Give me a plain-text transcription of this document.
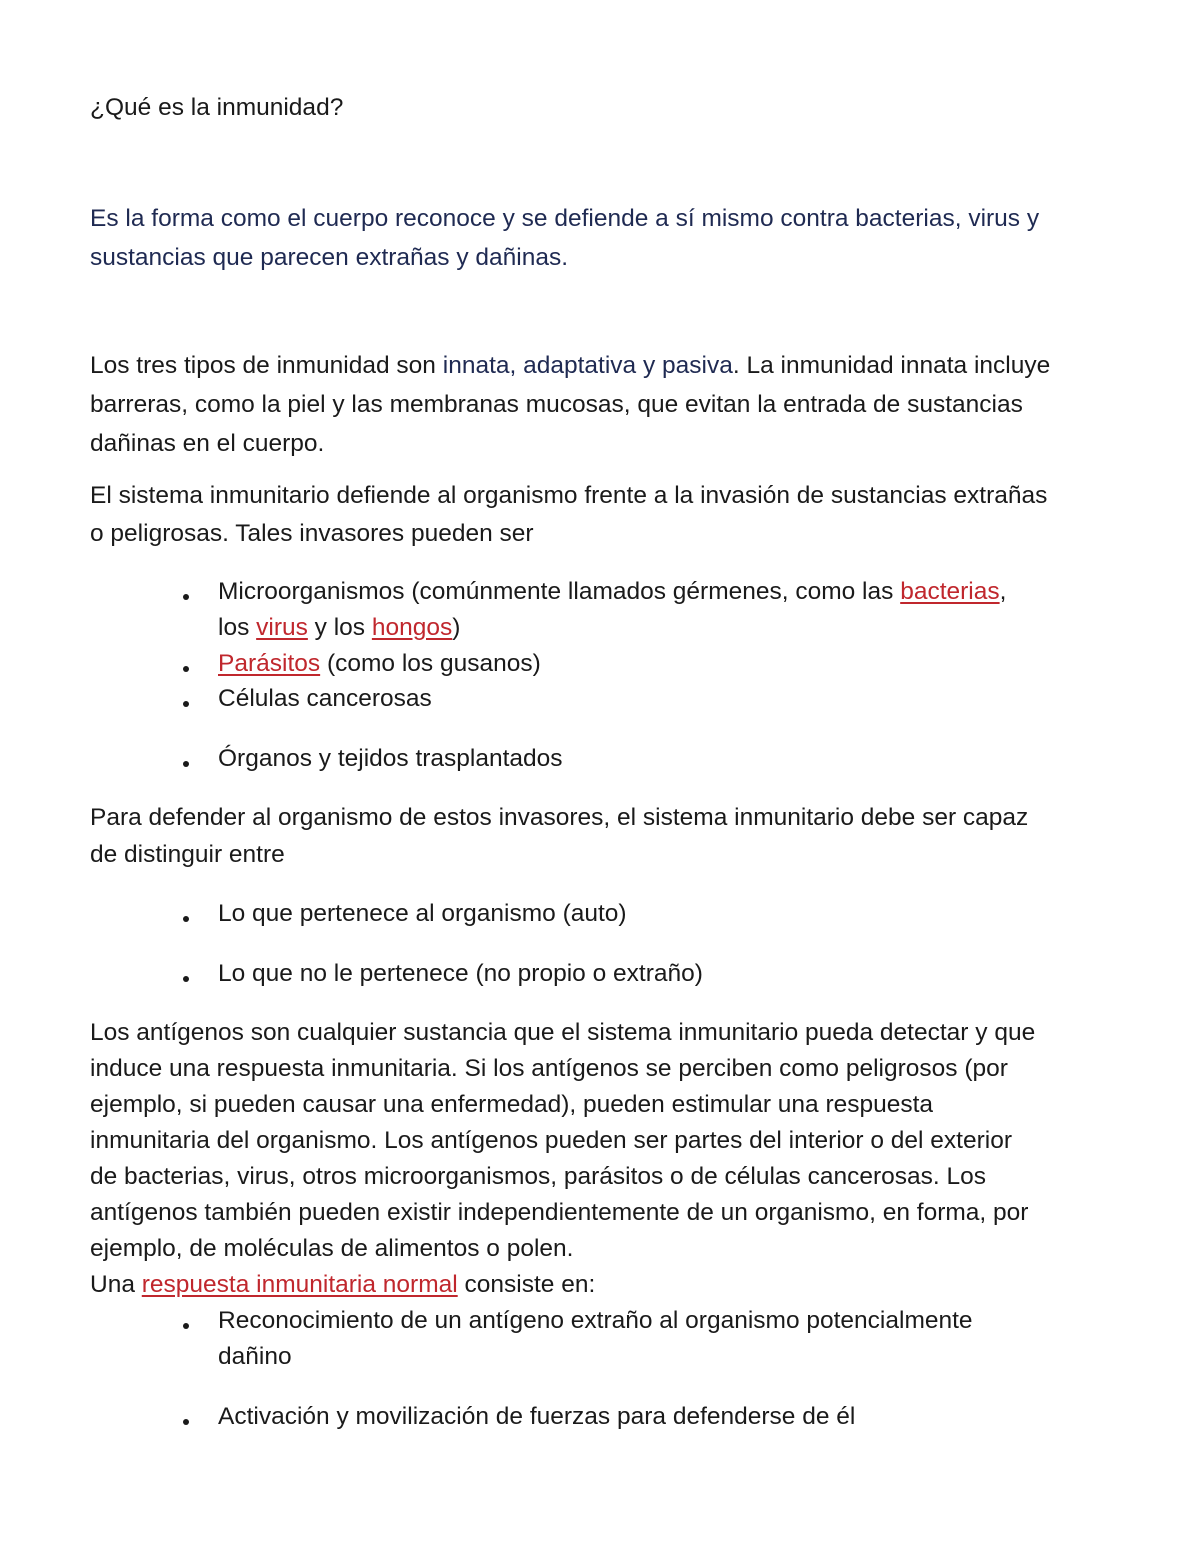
¿Qué es la inmunidad?
Es la forma como el cuerpo reconoce y se defiende a sí mismo contra bacterias, virus y
sustancias que parecen extrañas y dañinas.
Los tres tipos de inmunidad son innata, adaptativa y pasiva. La inmunidad innata incluye
barreras, como la piel y las membranas mucosas, que evitan la entrada de sustancias
dañinas en el cuerpo.
El sistema inmunitario defiende al organismo frente a la invasión de sustancias extrañas
o peligrosas. Tales invasores pueden ser
Microorganismos (comúnmente llamados gérmenes, como las bacterias,
los virus y los hongos)
Parásitos (como los gusanos)
Células cancerosas
Órganos y tejidos trasplantados
Para defender al organismo de estos invasores, el sistema inmunitario debe ser capaz
de distinguir entre
Lo que pertenece al organismo (auto)
Lo que no le pertenece (no propio o extraño)
Los antígenos son cualquier sustancia que el sistema inmunitario pueda detectar y que
induce una respuesta inmunitaria. Si los antígenos se perciben como peligrosos (por
ejemplo, si pueden causar una enfermedad), pueden estimular una respuesta
inmunitaria del organismo. Los antígenos pueden ser partes del interior o del exterior
de bacterias, virus, otros microorganismos, parásitos o de células cancerosas. Los
antígenos también pueden existir independientemente de un organismo, en forma, por
ejemplo, de moléculas de alimentos o polen.
Una respuesta inmunitaria normal consiste en:
Reconocimiento de un antígeno extraño al organismo potencialmente
dañino
Activación y movilización de fuerzas para defenderse de él
